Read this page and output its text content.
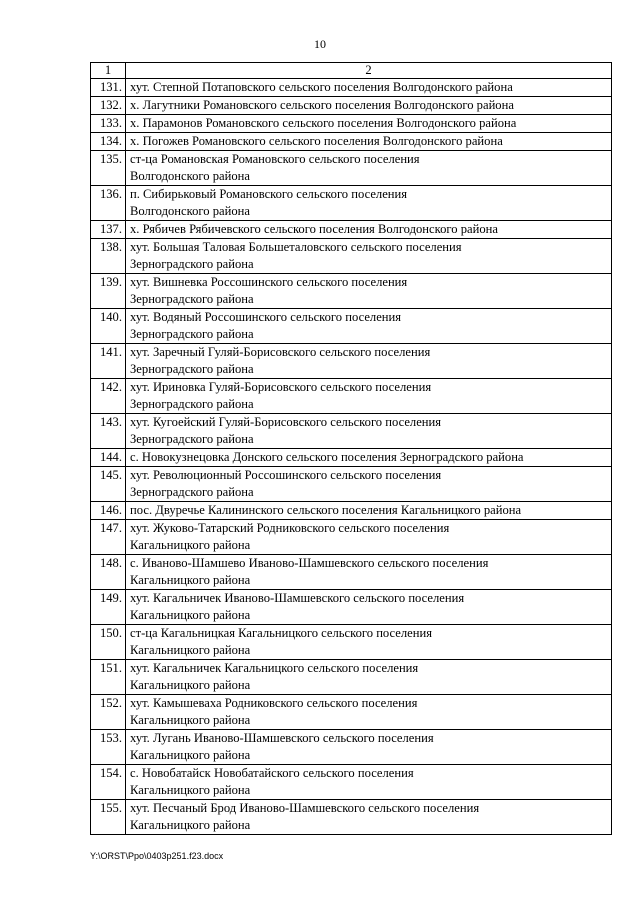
10
1	2
131.	хут. Степной Потаповского сельского поселения Волгодонского района
132.	х. Лагутники Романовского сельского поселения Волгодонского района
133.	х. Парамонов Романовского сельского поселения Волгодонского района
134.	х. Погожев Романовского сельского поселения Волгодонского района
135.	ст-ца Романовская Романовского сельского поселения
Волгодонского района
136.	п. Сибирьковый Романовского сельского поселения
Волгодонского района
137.	х. Рябичев Рябичевского сельского поселения Волгодонского района
138.	хут. Большая Таловая Большеталовского сельского поселения
Зерноградского района
139.	хут. Вишневка Россошинского сельского поселения
Зерноградского района
140.	хут. Водяный Россошинского сельского поселения
Зерноградского района
141.	хут. Заречный Гуляй-Борисовского сельского поселения
Зерноградского района
142.	хут. Ириновка Гуляй-Борисовского сельского поселения
Зерноградского района
143.	хут. Кугоейский Гуляй-Борисовского сельского поселения
Зерноградского района
144.	с. Новокузнецовка Донского сельского поселения Зерноградского района
145.	хут. Революционный Россошинского сельского поселения
Зерноградского района
146.	пос. Двуречье Калининского сельского поселения Кагальницкого района
147.	хут. Жуково-Татарский Родниковского сельского поселения
Кагальницкого района
148.	с. Иваново-Шамшево Иваново-Шамшевского сельского поселения
Кагальницкого района
149.	хут. Кагальничек Иваново-Шамшевского сельского поселения
Кагальницкого района
150.	ст-ца Кагальницкая Кагальницкого сельского поселения
Кагальницкого района
151.	хут. Кагальничек Кагальницкого сельского поселения
Кагальницкого района
152.	хут. Камышеваха Родниковского сельского поселения
Кагальницкого района
153.	хут. Лугань Иваново-Шамшевского сельского поселения
Кагальницкого района
154.	с. Новобатайск Новобатайского сельского поселения
Кагальницкого района
155.	хут. Песчаный Брод Иваново-Шамшевского сельского поселения
Кагальницкого района
Y:\ORST\Ppo\0403p251.f23.docx
